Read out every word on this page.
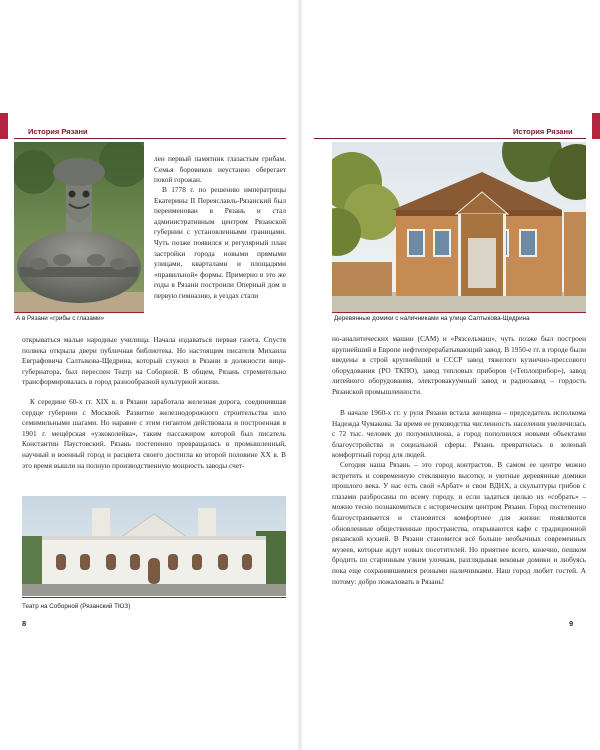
История Рязани
А в Рязани «грибы с глазами»

лен первый памятник глазастым грибам. Семья боровиков неустанно оберегает покой горожан.

В 1778 г. по решению императрицы Екатерины II Переяславль-Рязанский был переименован в Рязань и стал административным центром Рязанской губернии с установленными границами. Чуть позже появился и регулярный план застройки города новыми прямыми улицами, кварталами и площадями «правильной» формы. Примерно в это же годы в Рязани построили Оперный дом и первую гимназию, в уездах стали

открываться малые народные училища. Начала издаваться первая газета. Спустя полвека открыла двери публичная библиотека. Но настоящим писателя Михаила Евграфовича Салтыкова-Щедрина, который служил в Рязани в должности вице-губернатора, был переспен Театр на Соборной. В общем, Рязань стремительно трансформировалась в город разнообразной культурной жизни.

К середине 60-х гг. XIX в. в Рязани заработала железная дорога, соединившая сердце губернии с Москвой. Развитие железнодорожного строительства шло семимильными шагами. Но наравне с этим гигантом действовала и построенная в 1901 г. мещёрская «узкоколейка», таким пассажиром которой был писатель Константин Паустовский. Рязань постепенно превращалась в промышленный, научный и военный город и расцвета своего достигла ко второй половине XX в. В это время вышли на полную производственную мощность заводы счет-

Театр на Соборной (Рязанский ТЮЗ)
8
История Рязани
Деревянные домики с наличниками на улице Салтыкова-Щедрина

но-аналитических машин (САМ) и «Рязсельмаш», чуть позже был построен крупнейший в Европе нефтеперерабатывающий завод. В 1950-е гг. в городе были введены в строй крупнейший в СССР завод тяжелого кузнечно-прессового оборудования (РО ТКПО), завод тепловых приборов («Теплоприбор»), завод литейного оборудования, электровакуумный завод и радиозавод – гордость Рязанской промышленности.

В начале 1960-х гг. у руля Рязани встала женщина – председатель исполкома Надежда Чумакова. За время ее руководства численность населения увеличилась с 72 тыс. человек до полумиллиона, а город пополнился новыми объектами благоустройства и социальной сферы. Рязань превратилась в зеленый комфортный город для людей.

Сегодня наша Рязань – это город контрастов. В самом ее центре можно встретить и современную стеклянную высотку, и уютные деревянные домики прошлого века. У нас есть свой «Арбат» и свои ВДНХ, а скульптуры грибов с глазами разбросаны по всему городу, и если задаться целью их «собрать» – можно тесно познакомиться с историческим центром Рязани. Город постепенно благоустраивается и становится комфортнее для жизни: появляются обновленные общественные пространства, открываются кафе с традиционной рязанской кухней. В Рязани становится всё больше необычных современных музеев, которые ждут новых посетителей. Но приятнее всего, конечно, пешком бродить по старинным узким улочкам, разглядывая вековые домики и любуясь пока еще сохранившимися резными наличниками. Наш город любит гостей. А потому: добро пожаловать в Рязань!

9
